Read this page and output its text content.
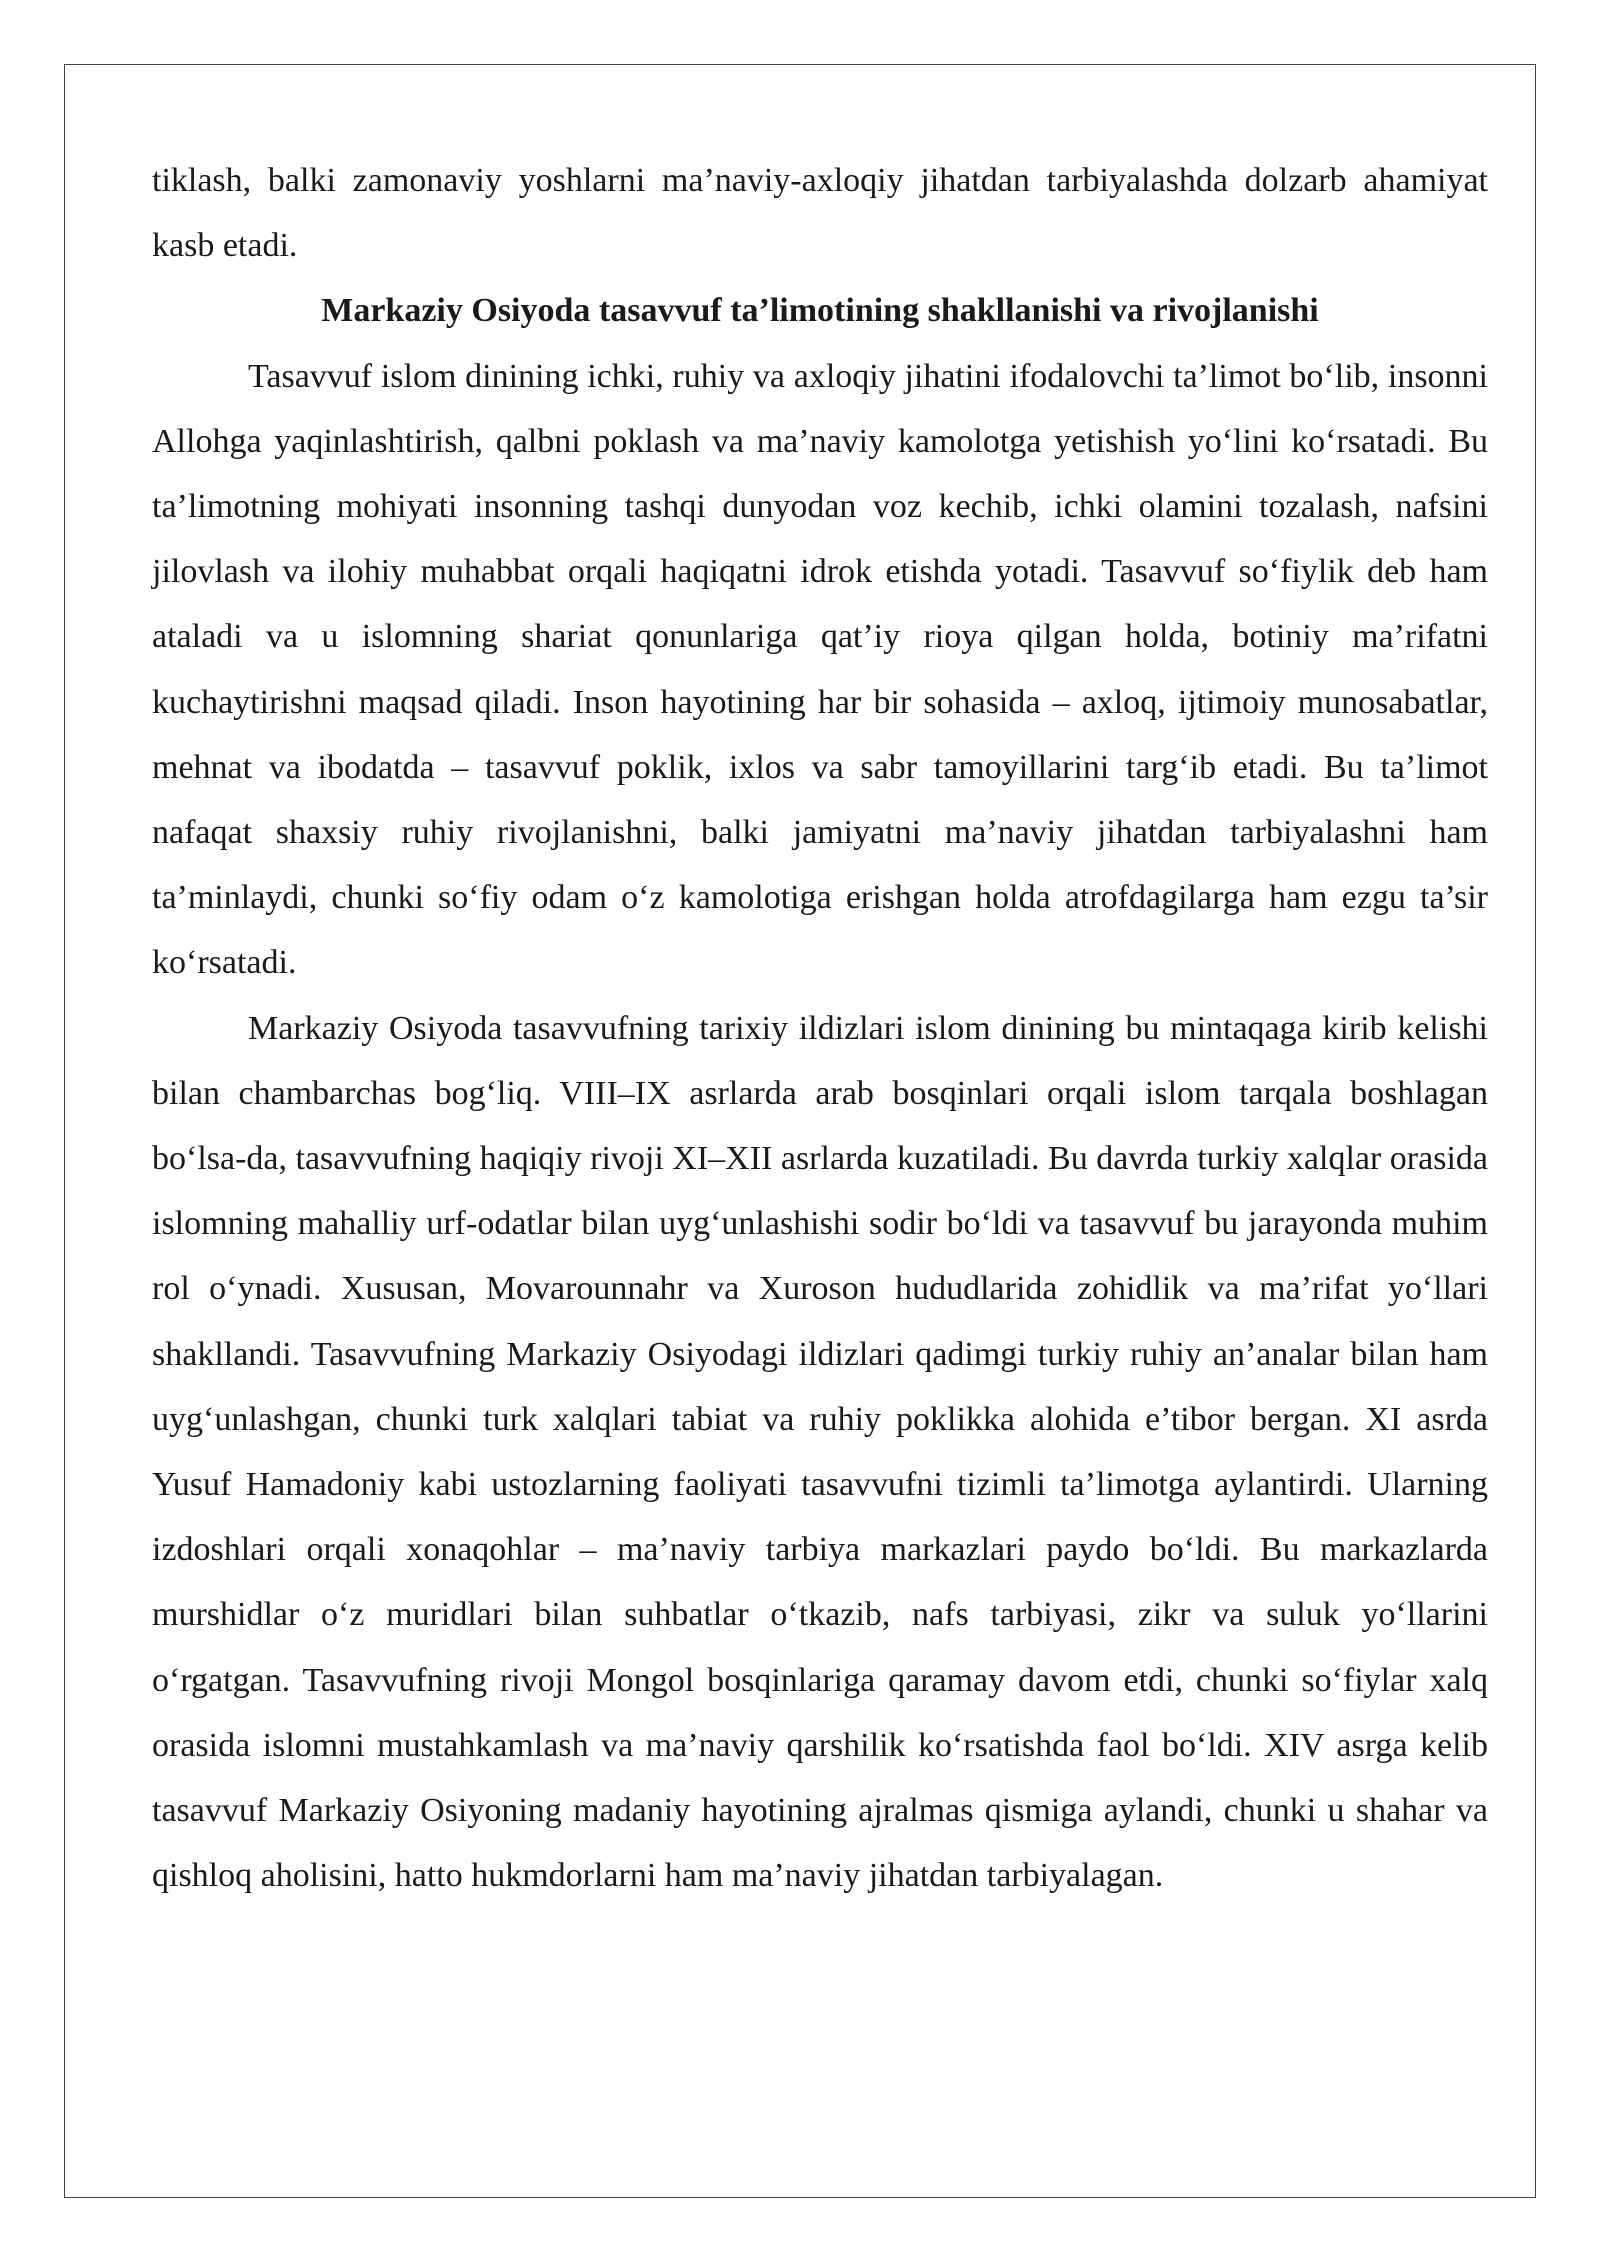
tiklash, balki zamonaviy yoshlarni ma’naviy-axloqiy jihatdan tarbiyalashda dolzarb ahamiyat kasb etadi.

Markaziy Osiyoda tasavvuf ta’limotining shakllanishi va rivojlanishi

Tasavvuf islom dinining ichki, ruhiy va axloqiy jihatini ifodalovchi ta’limot bo‘lib, insonni Allohga yaqinlashtirish, qalbni poklash va ma’naviy kamolotga yetishish yo‘lini ko‘rsatadi. Bu ta’limotning mohiyati insonning tashqi dunyodan voz kechib, ichki olamini tozalash, nafsini jilovlash va ilohiy muhabbat orqali haqiqatni idrok etishda yotadi. Tasavvuf so‘fiylik deb ham ataladi va u islomning shariat qonunlariga qat’iy rioya qilgan holda, botiniy ma’rifatni kuchaytirishni maqsad qiladi. Inson hayotining har bir sohasida – axloq, ijtimoiy munosabatlar, mehnat va ibodatda – tasavvuf poklik, ixlos va sabr tamoyillarini targ‘ib etadi. Bu ta’limot nafaqat shaxsiy ruhiy rivojlanishni, balki jamiyatni ma’naviy jihatdan tarbiyalashni ham ta’minlaydi, chunki so‘fiy odam o‘z kamolotiga erishgan holda atrofdagilarga ham ezgu ta’sir ko‘rsatadi.

Markaziy Osiyoda tasavvufning tarixiy ildizlari islom dinining bu mintaqaga kirib kelishi bilan chambarchas bog‘liq. VIII–IX asrlarda arab bosqinlari orqali islom tarqala boshlagan bo‘lsa-da, tasavvufning haqiqiy rivoji XI–XII asrlarda kuzatiladi. Bu davrda turkiy xalqlar orasida islomning mahalliy urf-odatlar bilan uyg‘unlashishi sodir bo‘ldi va tasavvuf bu jarayonda muhim rol o‘ynadi. Xususan, Movarounnahr va Xuroson hududlarida zohidlik va ma’rifat yo‘llari shakllandi. Tasavvufning Markaziy Osiyodagi ildizlari qadimgi turkiy ruhiy an’analar bilan ham uyg‘unlashgan, chunki turk xalqlari tabiat va ruhiy poklikka alohida e’tibor bergan. XI asrda Yusuf Hamadoniy kabi ustozlarning faoliyati tasavvufni tizimli ta’limotga aylantirdi. Ularning izdoshlari orqali xonaqohlar – ma’naviy tarbiya markazlari paydo bo‘ldi. Bu markazlarda murshidlar o‘z muridlari bilan suhbatlar o‘tkazib, nafs tarbiyasi, zikr va suluk yo‘llarini o‘rgatgan. Tasavvufning rivoji Mongol bosqinlariga qaramay davom etdi, chunki so‘fiylar xalq orasida islomni mustahkamlash va ma’naviy qarshilik ko‘rsatishda faol bo‘ldi. XIV asrga kelib tasavvuf Markaziy Osiyoning madaniy hayotining ajralmas qismiga aylandi, chunki u shahar va qishloq aholisini, hatto hukmdorlarni ham ma’naviy jihatdan tarbiyalagan.
